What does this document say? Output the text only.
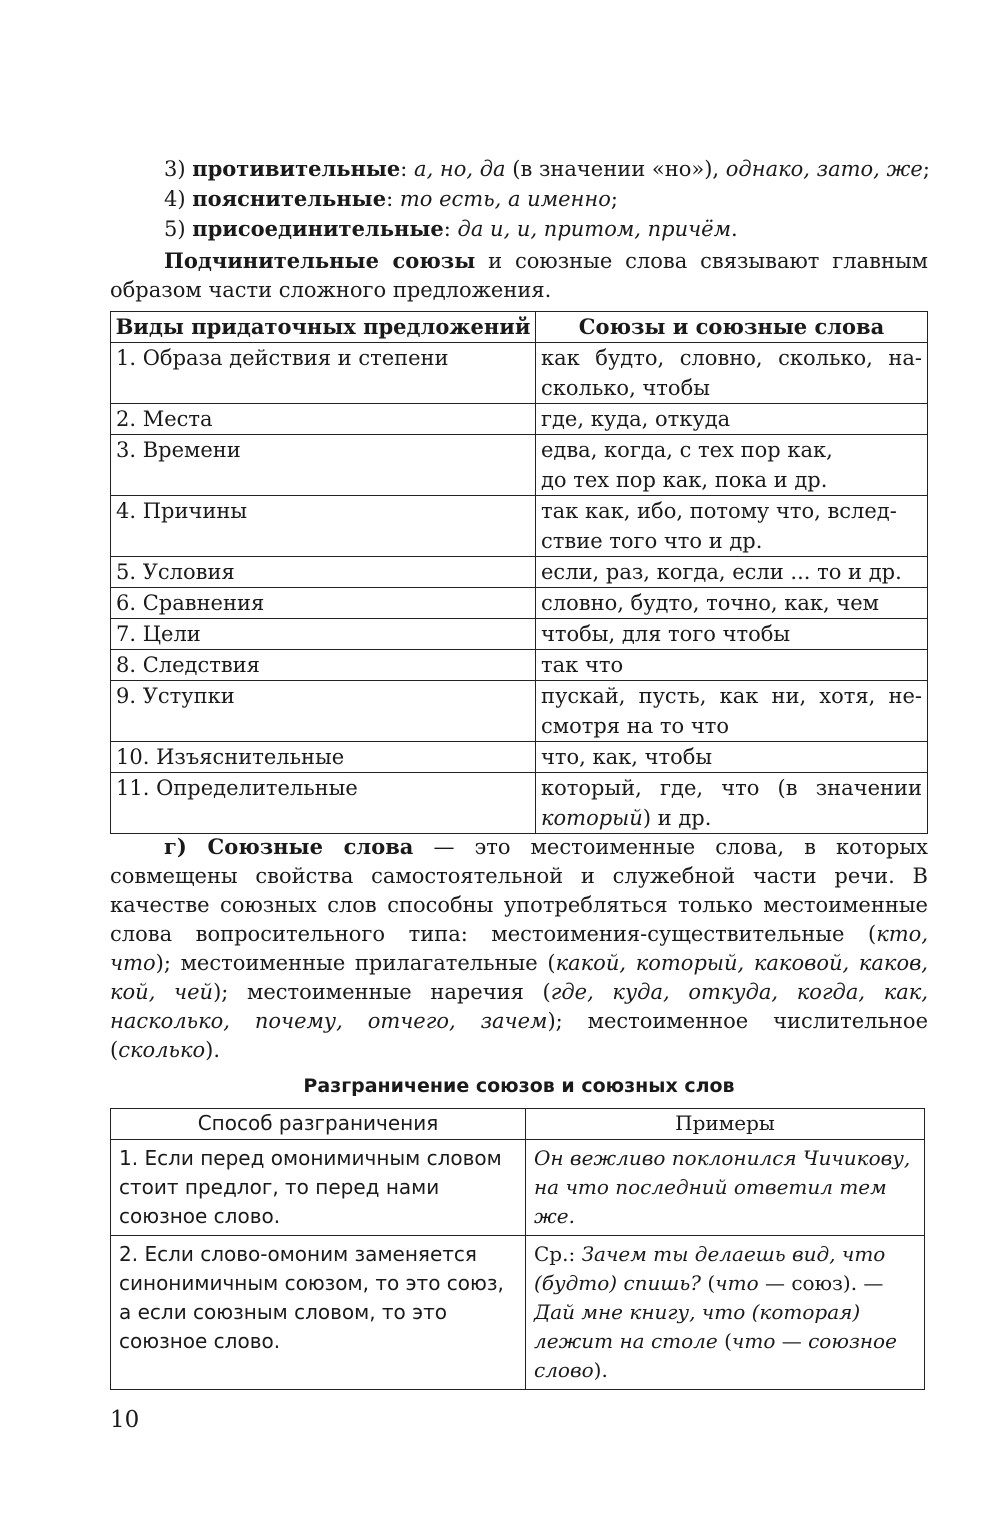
3) противительные: а, но, да (в значении «но»), однако, зато, же;
4) пояснительные: то есть, а именно;
5) присоединительные: да и, и, притом, причём.
Подчинительные союзы и союзные слова связывают главным образом части сложного предложения.
Виды придаточных предложений	Союзы и союзные слова
1. Образа действия и степени	как будто, словно, сколько, на-
сколько, чтобы

2. Места	где, куда, откуда

3. Времени	едва, когда, с тех пор как,
до тех пор как, пока и др.

4. Причины	так как, ибо, потому что, вслед-
ствие того что и др.

5. Условия	если, раз, когда, если ... то и др.

6. Сравнения	словно, будто, точно, как, чем

7. Цели	чтобы, для того чтобы

8. Следствия	так что

9. Уступки	пускай, пусть, как ни, хотя, не-
смотря на то что

10. Изъяснительные	что, как, чтобы

11. Определительные	который, где, что (в значении
который) и др.
г) Союзные слова — это местоименные слова, в которых совмещены свойства самостоятельной и служебной части речи. В качестве союзных слов способны употребляться только местоименные слова вопросительного типа: местоимения-существительные (кто, что); местоименные прилагательные (какой, который, каковой, каков, кой, чей); местоименные наречия (где, куда, откуда, когда, как, насколько, почему, отчего, зачем); местоименное числительное (сколько).
Разграничение союзов и союзных слов
Способ разграничения	Примеры
1. Если перед омонимичным словом стоит предлог, то перед нами союзное слово.	Он вежливо поклонился Чичикову, на что последний ответил тем же.
2. Если слово-омоним заменяется синонимичным союзом, то это союз, а если союзным словом, то это союзное слово.	Ср.: Зачем ты делаешь вид, что (будто) спишь? (что — союз). — Дай мне книгу, что (которая) лежит на столе (что — союзное слово).
10
